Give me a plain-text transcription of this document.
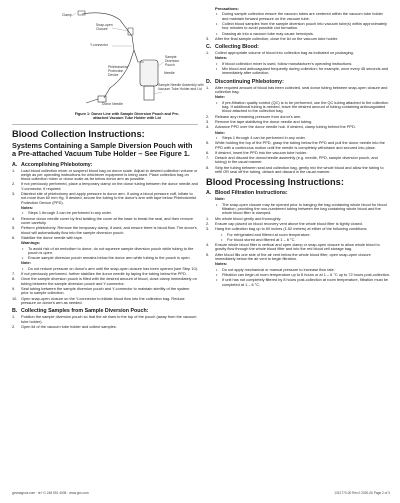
Clamp
Snap-open
Closure
Y-connector
Phlebotomist
Protection
Device
Sample
Diversion
Pouch
Needle
Donor Needle
Sample Needle Assembly with
Vacuum Tube Holder and Lid
Figure 1: Donor Line with Sample Diversion Pouch and Pre-attached Vacuum Tube Holder with Lid
Blood Collection Instructions:
Systems Containing a Sample Diversion Pouch with a Pre-attached Vacuum Tube Holder – See Figure 1.
A. Accomplishing Phlebotomy:
1. Load blood collection mixer or suspend blood bag on donor scale. Adjust to desired collection volume or weigh as per operating instructions for whichever equipment is being used. Place collection bag on blood collection mixer or donor scale as far below donor arm as possible.
2. If not previously performed, place a temporary clamp on the donor tubing between the donor needle and Y-connector, if required.
3. Disinfect site of phlebotomy and apply pressure to donor arm. If using a blood pressure cuff, inflate to not more than 60 mm Hg. If desired, secure the tubing to the donor's arm with tape below Phlebotomist Protection Device (PPD).
Notes:
• Steps 1 through 3 can be performed in any order.
4. Remove donor needle cover by first twisting the cover at the base to break the seal, and then remove cover carefully.
5. Perform phlebotomy. Remove the temporary clamp, if used, and ensure there is blood flow. The donor's blood will automatically flow into the sample diversion pouch.
6. Stabilize the donor needle with tape.
Warnings:
• To avoid risk of air embolism to donor, do not squeeze sample diversion pouch while tubing to the pouch is open.
• Ensure sample diversion pouch remains below the donor arm while tubing to the pouch is open.
Note:
• Do not reduce pressure on donor's arm until the snap-open closure has been opened (see Step 10).
7. If not previously performed, further stabilize the donor needle by taping the tubing below the PPD.
8. Once the sample diversion pouch is filled with the desired amount of blood, close clamp immediately on tubing between the sample diversion pouch and Y-connector.
9. Seal tubing between the sample diversion pouch and Y-connector to maintain sterility of the system prior to sample collection.
10. Open snap-open closure on the Y-connector to initiate blood flow into the collection bag. Reduce pressure on donor's arm as needed.
B. Collecting Samples from Sample Diversion Pouch:
1. Position the sample diversion pouch so that the air rises to the top of the pouch (away from the vacuum tube holder).
2. Open lid of the vacuum tube holder and collect samples.
Precautions:
• During sample collection ensure the vacuum tubes are centered within the vacuum tube holder and maintain forward pressure on the vacuum tube.
• Collect blood samples from the sample diversion pouch into vacuum tube(s) within approximately four minutes to avoid possible clot formation.
• Drawing air into a vacuum tube may cause hemolysis.
3. After the final sample collection, close the lid on the vacuum tube holder.
C. Collecting Blood:
1. Collect appropriate volume of blood into collection bag as indicated on packaging.
Notes:
• If blood collection mixer is used, follow manufacturer's operating instructions.
• Mix blood and anticoagulant frequently during collection; for example, once every 45 seconds and immediately after collection.
D. Discontinuing Phlebotomy:
1. After required amount of blood has been collected, seal donor tubing between snap-open closure and collection bag.
Note:
• If pre-filtration quality control (QC) is to be performed, use the QC tubing attached to the collection bag. If additional tubing is needed, leave the desired amount of tubing containing anticoagulated blood attached to the collection bag.
2. Release any remaining pressure from donor's arm.
3. Remove the tape stabilizing the donor needle and tubing.
4. Advance PPD over the donor needle hub. If desired, clamp tubing behind the PPD.
Note:
• Steps 1 through 4 can be performed in any order.
5. While holding the top of the PPD, grasp the tubing below the PPD and pull the donor needle into the PPD with a continuous motion until the needle is completely withdrawn and secured into place.
6. If desired, insert the PPD into the vacuum tube holder.
7. Detach and discard the donor/needle assembly (e.g. needle, PPD, sample diversion pouch, and tubing) in the usual manner.
8. Strip the tubing between seal and collection bag, gently mix the whole blood and allow the tubing to refill OR seal off the tubing, detach and discard in the usual manner.
Blood Processing Instructions:
A. Blood Filtration Instructions:
Note:
• The snap-open closure may be opened prior to hanging the bag containing whole blood for blood filtration, providing the non-numbered tubing between the bag containing whole blood and the whole blood filter is clamped.
1. Mix whole blood gently and thoroughly.
2. Ensure cap placed on blood recovery vent above the whole blood filter is tightly closed.
3. Hang the collection bag up to 60 inches (1.52 meters) at either of the following conditions:
• For refrigerated and filtered at room temperature.
• For blood stored and filtered at 1 – 6 °C.
4. Ensure whole blood filter is vertical and open clamp or snap-open closure to allow whole blood to gravity flow through the whole blood filter and into the red blood cell storage bag.
5. After blood fills one side of the air vent below the whole blood filter, open snap-open closure immediately below the air vent to begin filtration.
Notes:
• Do not apply mechanical or manual pressure to increase flow rate.
• Filtration can begin at room temperature up to 8 hours or at 1 – 6 °C up to 72 hours post-collection.
• If unit has not completely filtered by 8 hours post-collection at room temperature, filtration must be completed at 1 – 6 °C.
gvsmagnus.com · tel +1 248 591 4008 · www.gvs.com	1312770-00 Rev.0 2020-06 Page 2 of 3
